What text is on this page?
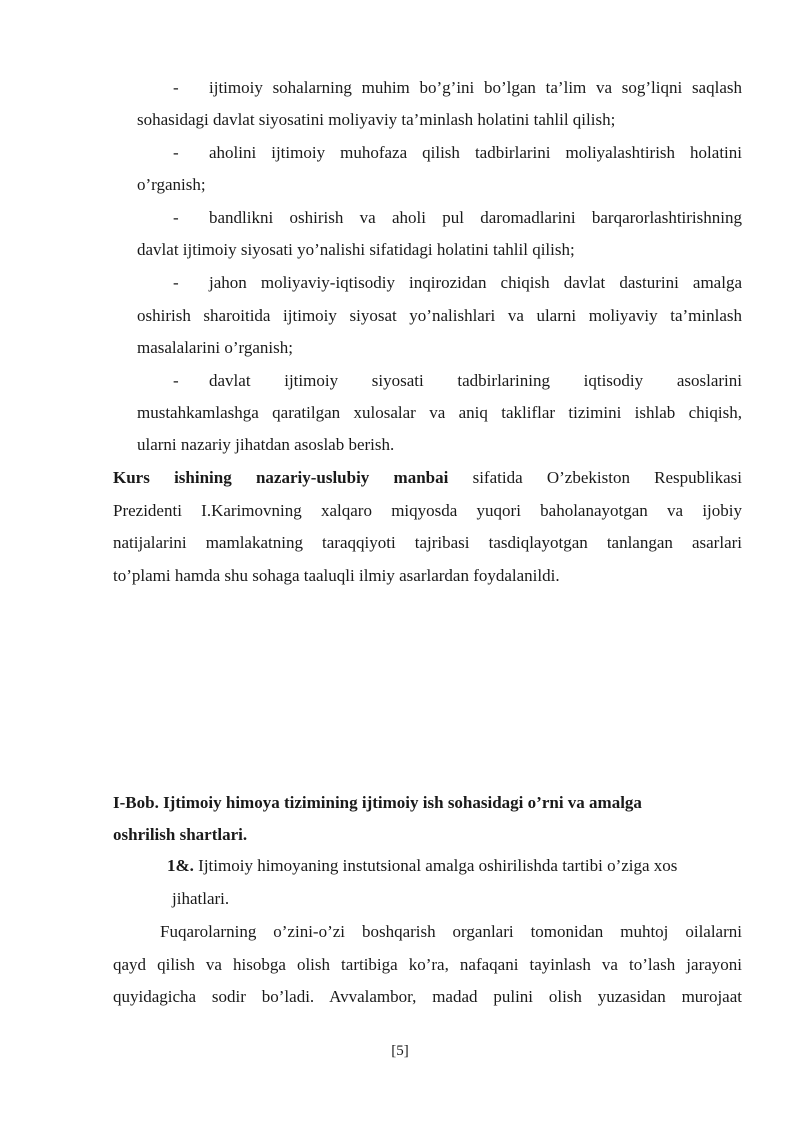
- ijtimoiy sohalarning muhim bo’g’ini bo’lgan ta’lim va sog’liqni saqlash
sohasidagi davlat siyosatini moliyaviy ta’minlash holatini tahlil qilish;
- aholini ijtimoiy muhofaza qilish tadbirlarini moliyalashtirish holatini
o’rganish;
- bandlikni oshirish va aholi pul daromadlarini barqarorlashtirishning
davlat ijtimoiy siyosati yo’nalishi sifatidagi holatini tahlil qilish;
- jahon moliyaviy-iqtisodiy inqirozidan chiqish davlat dasturini amalga
oshirish sharoitida ijtimoiy siyosat yo’nalishlari va ularni moliyaviy ta’minlash
masalalarini o’rganish;
- davlat ijtimoiy siyosati tadbirlarining iqtisodiy asoslarini
mustahkamlashga qaratilgan xulosalar va aniq takliflar tizimini ishlab chiqish,
ularni nazariy jihatdan asoslab berish.
Kurs ishining nazariy-uslubiy manbai sifatida O’zbekiston Respublikasi
Prezidenti I.Karimovning xalqaro miqyosda yuqori baholanayotgan va ijobiy
natijalarini mamlakatning taraqqiyoti tajribasi tasdiqlayotgan tanlangan asarlari
to’plami hamda shu sohaga taaluqli ilmiy asarlardan foydalanildi.
I-Bob. Ijtimoiy himoya tizimining ijtimoiy ish sohasidagi o’rni va amalga
oshrilish shartlari.
1&. Ijtimoiy himoyaning instutsional amalga oshirilishda tartibi o’ziga xos
jihatlari.
Fuqarolarning o’zini-o’zi boshqarish organlari tomonidan muhtoj oilalarni
qayd qilish va hisobga olish tartibiga ko’ra, nafaqani tayinlash va to’lash jarayoni
quyidagicha sodir bo’ladi. Avvalambor, madad pulini olish yuzasidan murojaat
[5]
